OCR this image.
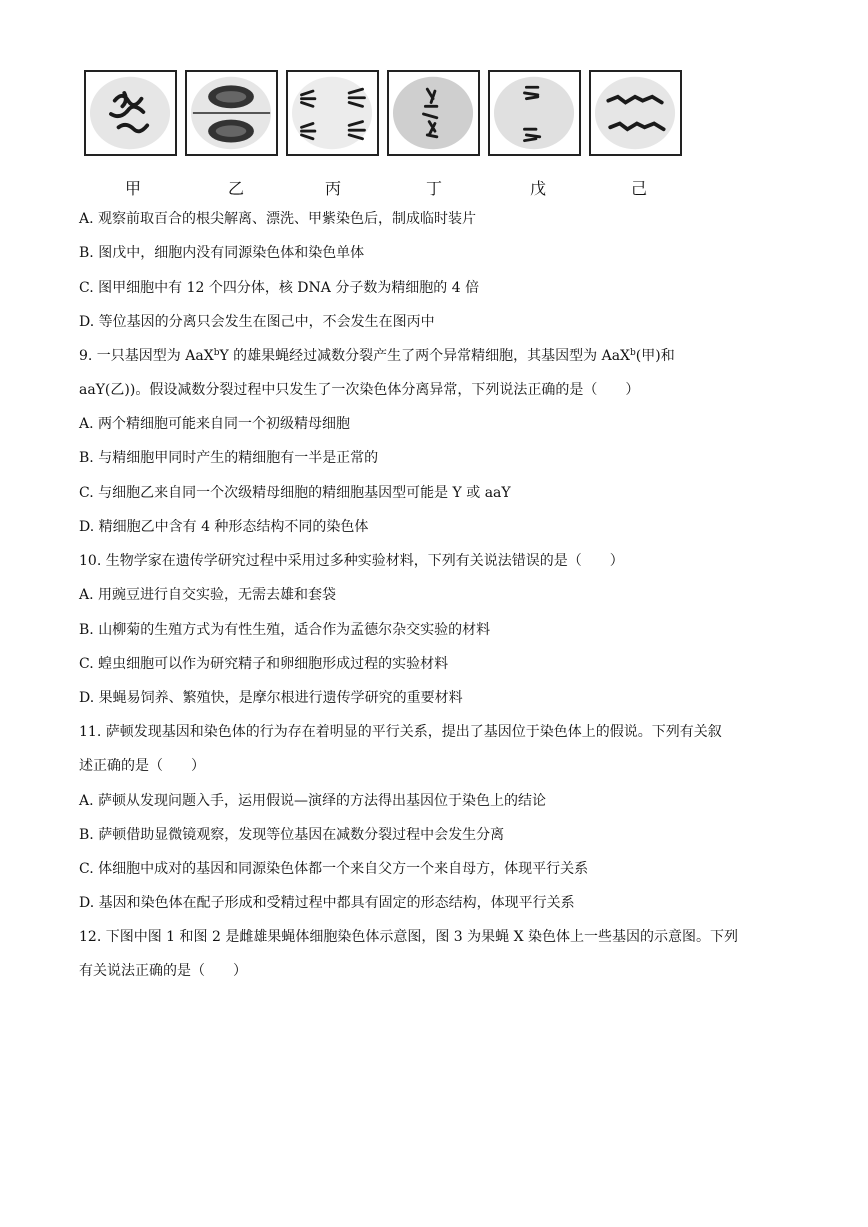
甲	乙	丙	丁	戊	己
A. 观察前取百合的根尖解离、漂洗、甲紫染色后，制成临时装片
B. 图戊中，细胞内没有同源染色体和染色单体
C. 图甲细胞中有 12 个四分体，核 DNA 分子数为精细胞的 4 倍
D. 等位基因的分离只会发生在图己中，不会发生在图丙中
9. 一只基因型为 AaX$^b$Y 的雄果蝇经过减数分裂产生了两个异常精细胞，其基因型为 AaX$^b$(甲)和
aaY(乙))。假设减数分裂过程中只发生了一次染色体分离异常，下列说法正确的是（　　）
A. 两个精细胞可能来自同一个初级精母细胞
B. 与精细胞甲同时产生的精细胞有一半是正常的
C. 与细胞乙来自同一个次级精母细胞的精细胞基因型可能是 Y 或 aaY
D. 精细胞乙中含有 4 种形态结构不同的染色体
10. 生物学家在遗传学研究过程中采用过多种实验材料，下列有关说法错误的是（　　）
A. 用豌豆进行自交实验，无需去雄和套袋
B. 山柳菊的生殖方式为有性生殖，适合作为孟德尔杂交实验的材料
C. 蝗虫细胞可以作为研究精子和卵细胞形成过程的实验材料
D. 果蝇易饲养、繁殖快，是摩尔根进行遗传学研究的重要材料
11. 萨顿发现基因和染色体的行为存在着明显的平行关系，提出了基因位于染色体上的假说。下列有关叙
述正确的是（　　）
A. 萨顿从发现问题入手，运用假说—演绎的方法得出基因位于染色上的结论
B. 萨顿借助显微镜观察，发现等位基因在减数分裂过程中会发生分离
C. 体细胞中成对的基因和同源染色体都一个来自父方一个来自母方，体现平行关系
D. 基因和染色体在配子形成和受精过程中都具有固定的形态结构，体现平行关系
12. 下图中图 1 和图 2 是雌雄果蝇体细胞染色体示意图，图 3 为果蝇 X 染色体上一些基因的示意图。下列
有关说法正确的是（　　）
